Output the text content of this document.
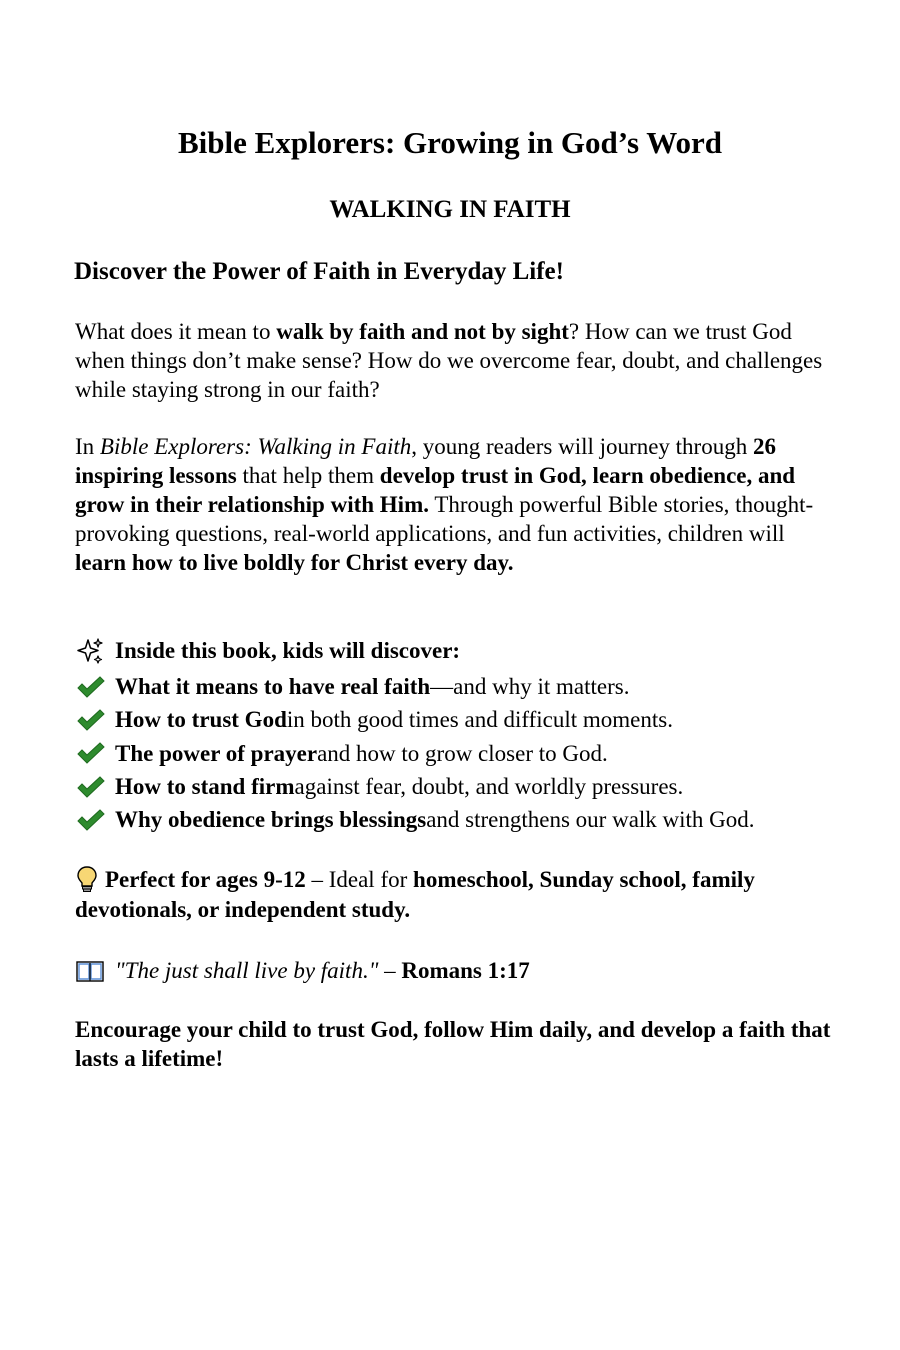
Bible Explorers: Growing in God’s Word
WALKING IN FAITH
Discover the Power of Faith in Everyday Life!

What does it mean to walk by faith and not by sight? How can we trust God when things don’t make sense? How do we overcome fear, doubt, and challenges while staying strong in our faith?

In Bible Explorers: Walking in Faith, young readers will journey through 26 inspiring lessons that help them develop trust in God, learn obedience, and grow in their relationship with Him. Through powerful Bible stories, thought-provoking questions, real-world applications, and fun activities, children will learn how to live boldly for Christ every day.

Inside this book, kids will discover:

What it means to have real faith —and why it matters.
How to trust God in both good times and difficult moments.
The power of prayer and how to grow closer to God.
How to stand firm against fear, doubt, and worldly pressures.
Why obedience brings blessings and strengthens our walk with God.

Perfect for ages 9-12 – Ideal for homeschool, Sunday school, family devotionals, or independent study.

"The just shall live by faith." – Romans 1:17

Encourage your child to trust God, follow Him daily, and develop a faith that lasts a lifetime!
